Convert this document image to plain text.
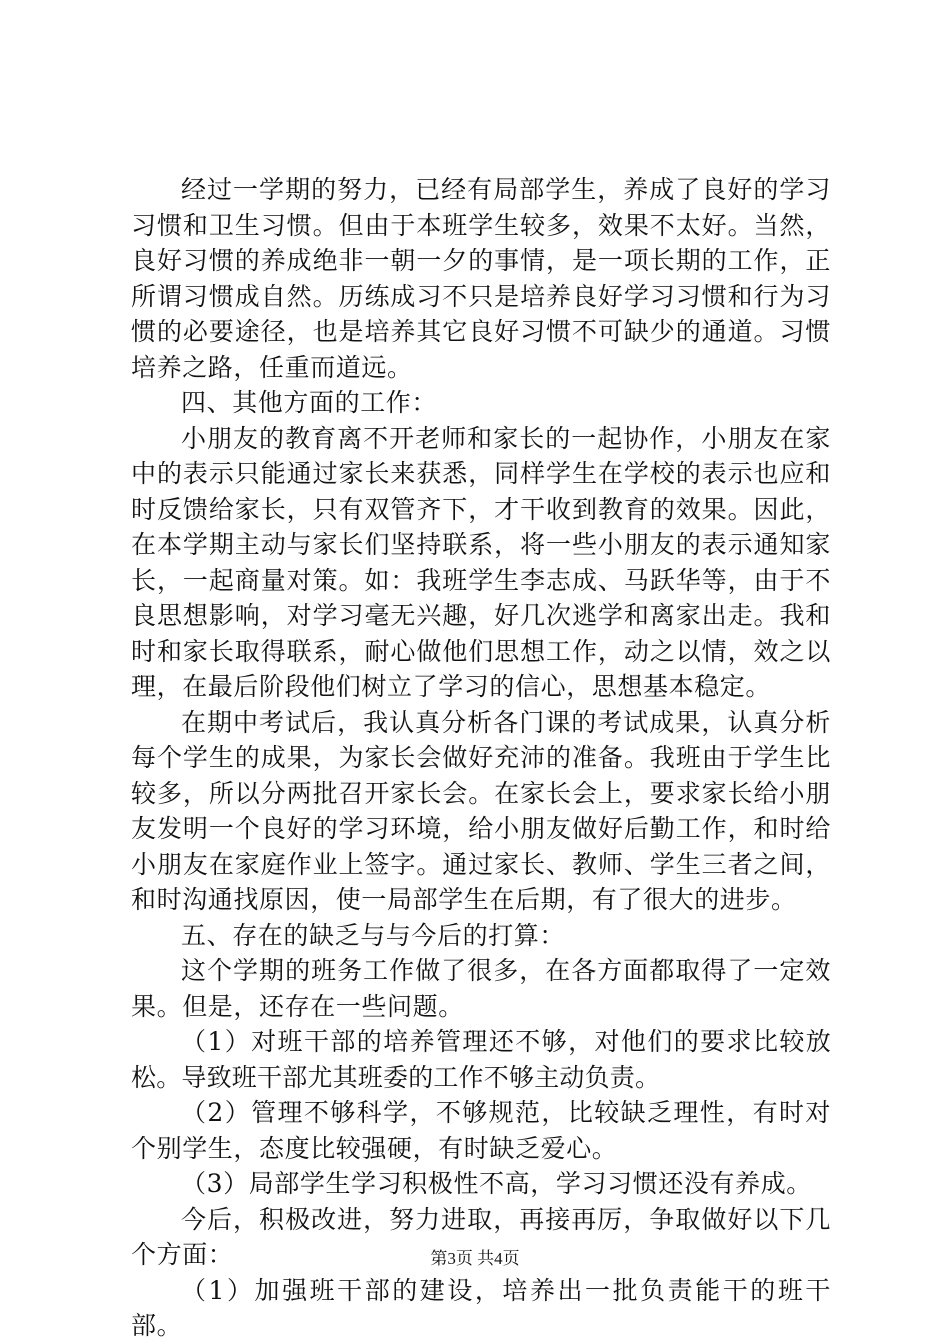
经过一学期的努力，已经有局部学生，养成了良好的学习习惯和卫生习惯。但由于本班学生较多，效果不太好。当然，良好习惯的养成绝非一朝一夕的事情，是一项长期的工作，正所谓习惯成自然。历练成习不只是培养良好学习习惯和行为习惯的必要途径，也是培养其它良好习惯不可缺少的通道。习惯培养之路，任重而道远。

四、其他方面的工作：

小朋友的教育离不开老师和家长的一起协作，小朋友在家中的表示只能通过家长来获悉，同样学生在学校的表示也应和时反馈给家长，只有双管齐下，才干收到教育的效果。因此，在本学期主动与家长们坚持联系，将一些小朋友的表示通知家长，一起商量对策。如：我班学生李志成、马跃华等，由于不良思想影响，对学习毫无兴趣，好几次逃学和离家出走。我和时和家长取得联系，耐心做他们思想工作，动之以情，效之以理，在最后阶段他们树立了学习的信心，思想基本稳定。

在期中考试后，我认真分析各门课的考试成果，认真分析每个学生的成果，为家长会做好充沛的准备。我班由于学生比较多，所以分两批召开家长会。在家长会上，要求家长给小朋友发明一个良好的学习环境，给小朋友做好后勤工作，和时给小朋友在家庭作业上签字。通过家长、教师、学生三者之间，和时沟通找原因，使一局部学生在后期，有了很大的进步。

五、存在的缺乏与与今后的打算：

这个学期的班务工作做了很多，在各方面都取得了一定效果。但是，还存在一些问题。

（1）对班干部的培养管理还不够，对他们的要求比较放松。导致班干部尤其班委的工作不够主动负责。

（2）管理不够科学，不够规范，比较缺乏理性，有时对个别学生，态度比较强硬，有时缺乏爱心。

（3）局部学生学习积极性不高，学习习惯还没有养成。

今后，积极改进，努力进取，再接再厉，争取做好以下几个方面：

（1）加强班干部的建设，培养出一批负责能干的班干部。

第3页 共4页
